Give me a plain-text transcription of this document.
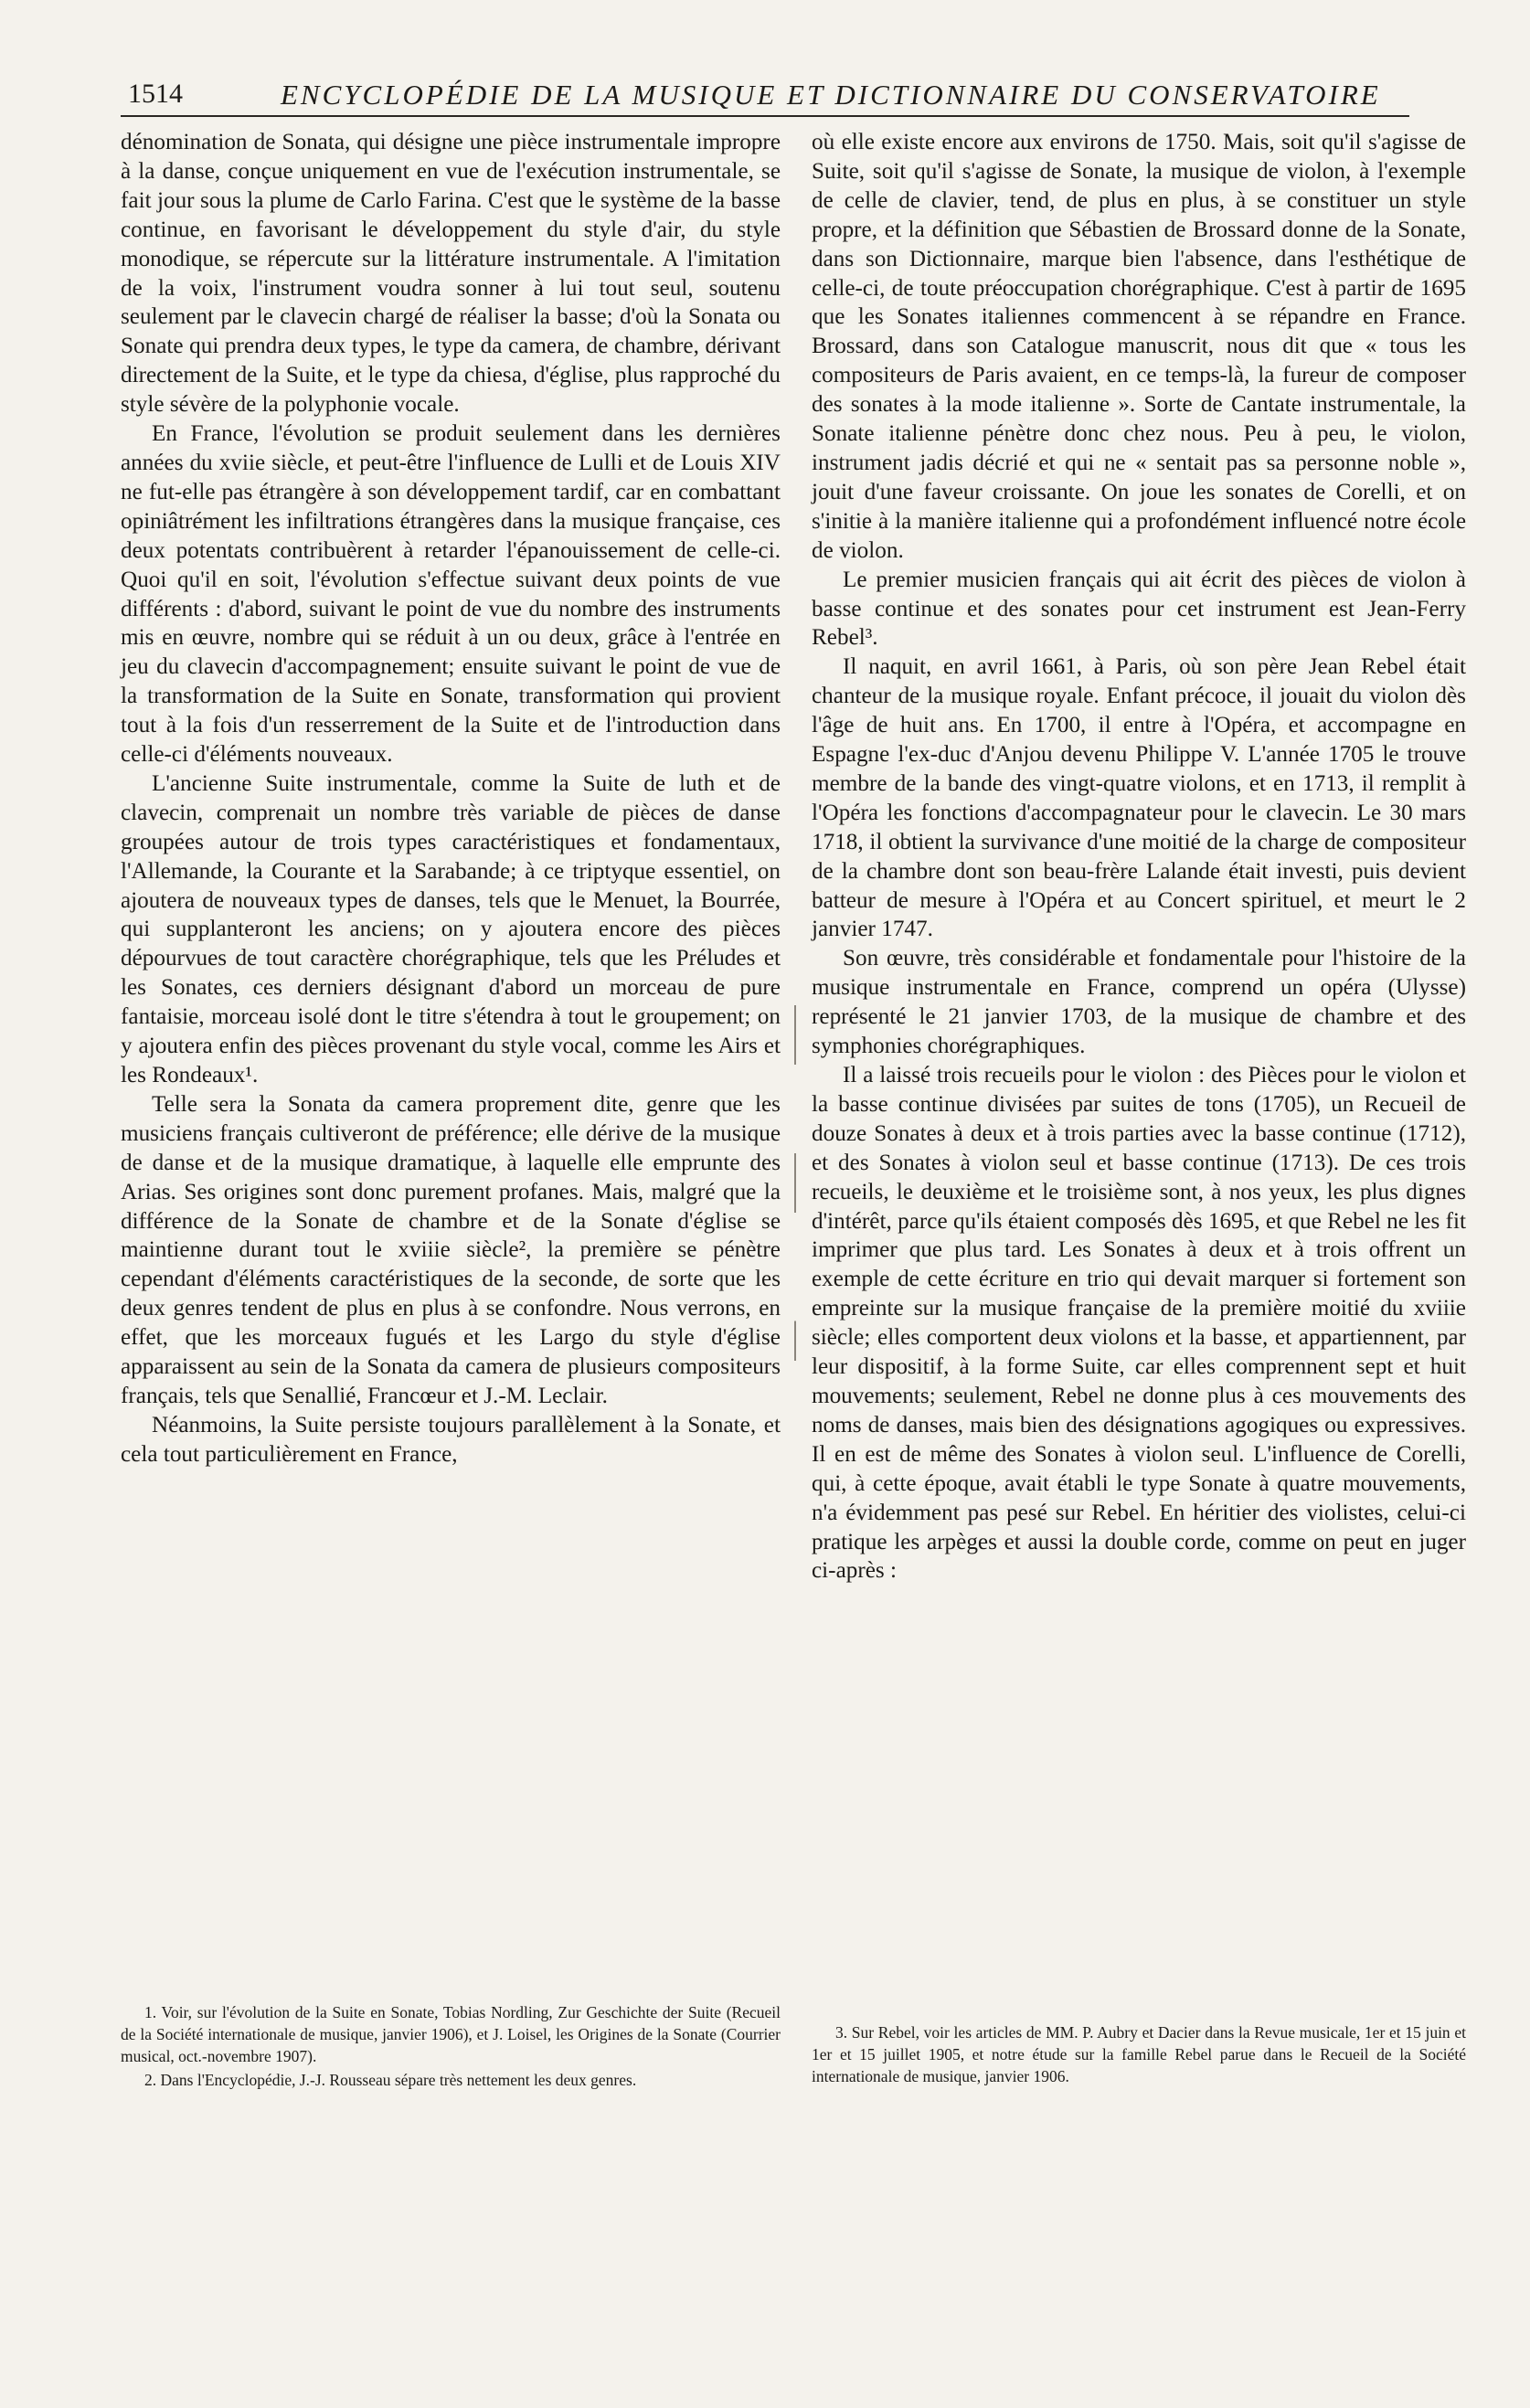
1514	ENCYCLOPÉDIE DE LA MUSIQUE ET DICTIONNAIRE DU CONSERVATOIRE

dénomination de Sonata, qui désigne une pièce instrumentale impropre à la danse, conçue uniquement en vue de l'exécution instrumentale, se fait jour sous la plume de Carlo Farina. C'est que le système de la basse continue, en favorisant le développement du style d'air, du style monodique, se répercute sur la littérature instrumentale. A l'imitation de la voix, l'instrument voudra sonner à lui tout seul, soutenu seulement par le clavecin chargé de réaliser la basse; d'où la Sonata ou Sonate qui prendra deux types, le type da camera, de chambre, dérivant directement de la Suite, et le type da chiesa, d'église, plus rapproché du style sévère de la polyphonie vocale.

En France, l'évolution se produit seulement dans les dernières années du xviie siècle, et peut-être l'influence de Lulli et de Louis XIV ne fut-elle pas étrangère à son développement tardif, car en combattant opiniâtrément les infiltrations étrangères dans la musique française, ces deux potentats contribuèrent à retarder l'épanouissement de celle-ci. Quoi qu'il en soit, l'évolution s'effectue suivant deux points de vue différents : d'abord, suivant le point de vue du nombre des instruments mis en œuvre, nombre qui se réduit à un ou deux, grâce à l'entrée en jeu du clavecin d'accompagnement; ensuite suivant le point de vue de la transformation de la Suite en Sonate, transformation qui provient tout à la fois d'un resserrement de la Suite et de l'introduction dans celle-ci d'éléments nouveaux.

L'ancienne Suite instrumentale, comme la Suite de luth et de clavecin, comprenait un nombre très variable de pièces de danse groupées autour de trois types caractéristiques et fondamentaux, l'Allemande, la Courante et la Sarabande; à ce triptyque essentiel, on ajoutera de nouveaux types de danses, tels que le Menuet, la Bourrée, qui supplanteront les anciens; on y ajoutera encore des pièces dépourvues de tout caractère chorégraphique, tels que les Préludes et les Sonates, ces derniers désignant d'abord un morceau de pure fantaisie, morceau isolé dont le titre s'étendra à tout le groupement; on y ajoutera enfin des pièces provenant du style vocal, comme les Airs et les Rondeaux¹.

Telle sera la Sonata da camera proprement dite, genre que les musiciens français cultiveront de préférence; elle dérive de la musique de danse et de la musique dramatique, à laquelle elle emprunte des Arias. Ses origines sont donc purement profanes. Mais, malgré que la différence de la Sonate de chambre et de la Sonate d'église se maintienne durant tout le xviiie siècle², la première se pénètre cependant d'éléments caractéristiques de la seconde, de sorte que les deux genres tendent de plus en plus à se confondre. Nous verrons, en effet, que les morceaux fugués et les Largo du style d'église apparaissent au sein de la Sonata da camera de plusieurs compositeurs français, tels que Senallié, Francœur et J.-M. Leclair.

Néanmoins, la Suite persiste toujours parallèlement à la Sonate, et cela tout particulièrement en France,

où elle existe encore aux environs de 1750. Mais, soit qu'il s'agisse de Suite, soit qu'il s'agisse de Sonate, la musique de violon, à l'exemple de celle de clavier, tend, de plus en plus, à se constituer un style propre, et la définition que Sébastien de Brossard donne de la Sonate, dans son Dictionnaire, marque bien l'absence, dans l'esthétique de celle-ci, de toute préoccupation chorégraphique. C'est à partir de 1695 que les Sonates italiennes commencent à se répandre en France. Brossard, dans son Catalogue manuscrit, nous dit que « tous les compositeurs de Paris avaient, en ce temps-là, la fureur de composer des sonates à la mode italienne ». Sorte de Cantate instrumentale, la Sonate italienne pénètre donc chez nous. Peu à peu, le violon, instrument jadis décrié et qui ne « sentait pas sa personne noble », jouit d'une faveur croissante. On joue les sonates de Corelli, et on s'initie à la manière italienne qui a profondément influencé notre école de violon.

Le premier musicien français qui ait écrit des pièces de violon à basse continue et des sonates pour cet instrument est Jean-Ferry Rebel³.

Il naquit, en avril 1661, à Paris, où son père Jean Rebel était chanteur de la musique royale. Enfant précoce, il jouait du violon dès l'âge de huit ans. En 1700, il entre à l'Opéra, et accompagne en Espagne l'ex-duc d'Anjou devenu Philippe V. L'année 1705 le trouve membre de la bande des vingt-quatre violons, et en 1713, il remplit à l'Opéra les fonctions d'accompagnateur pour le clavecin. Le 30 mars 1718, il obtient la survivance d'une moitié de la charge de compositeur de la chambre dont son beau-frère Lalande était investi, puis devient batteur de mesure à l'Opéra et au Concert spirituel, et meurt le 2 janvier 1747.

Son œuvre, très considérable et fondamentale pour l'histoire de la musique instrumentale en France, comprend un opéra (Ulysse) représenté le 21 janvier 1703, de la musique de chambre et des symphonies chorégraphiques.

Il a laissé trois recueils pour le violon : des Pièces pour le violon et la basse continue divisées par suites de tons (1705), un Recueil de douze Sonates à deux et à trois parties avec la basse continue (1712), et des Sonates à violon seul et basse continue (1713). De ces trois recueils, le deuxième et le troisième sont, à nos yeux, les plus dignes d'intérêt, parce qu'ils étaient composés dès 1695, et que Rebel ne les fit imprimer que plus tard. Les Sonates à deux et à trois offrent un exemple de cette écriture en trio qui devait marquer si fortement son empreinte sur la musique française de la première moitié du xviiie siècle; elles comportent deux violons et la basse, et appartiennent, par leur dispositif, à la forme Suite, car elles comprennent sept et huit mouvements; seulement, Rebel ne donne plus à ces mouvements des noms de danses, mais bien des désignations agogiques ou expressives. Il en est de même des Sonates à violon seul. L'influence de Corelli, qui, à cette époque, avait établi le type Sonate à quatre mouvements, n'a évidemment pas pesé sur Rebel. En héritier des violistes, celui-ci pratique les arpèges et aussi la double corde, comme on peut en juger ci-après :

1. Voir, sur l'évolution de la Suite en Sonate, Tobias Nordling, Zur Geschichte der Suite (Recueil de la Société internationale de musique, janvier 1906), et J. Loisel, les Origines de la Sonate (Courrier musical, oct.-novembre 1907).

2. Dans l'Encyclopédie, J.-J. Rousseau sépare très nettement les deux genres.

3. Sur Rebel, voir les articles de MM. P. Aubry et Dacier dans la Revue musicale, 1er et 15 juin et 1er et 15 juillet 1905, et notre étude sur la famille Rebel parue dans le Recueil de la Société internationale de musique, janvier 1906.
